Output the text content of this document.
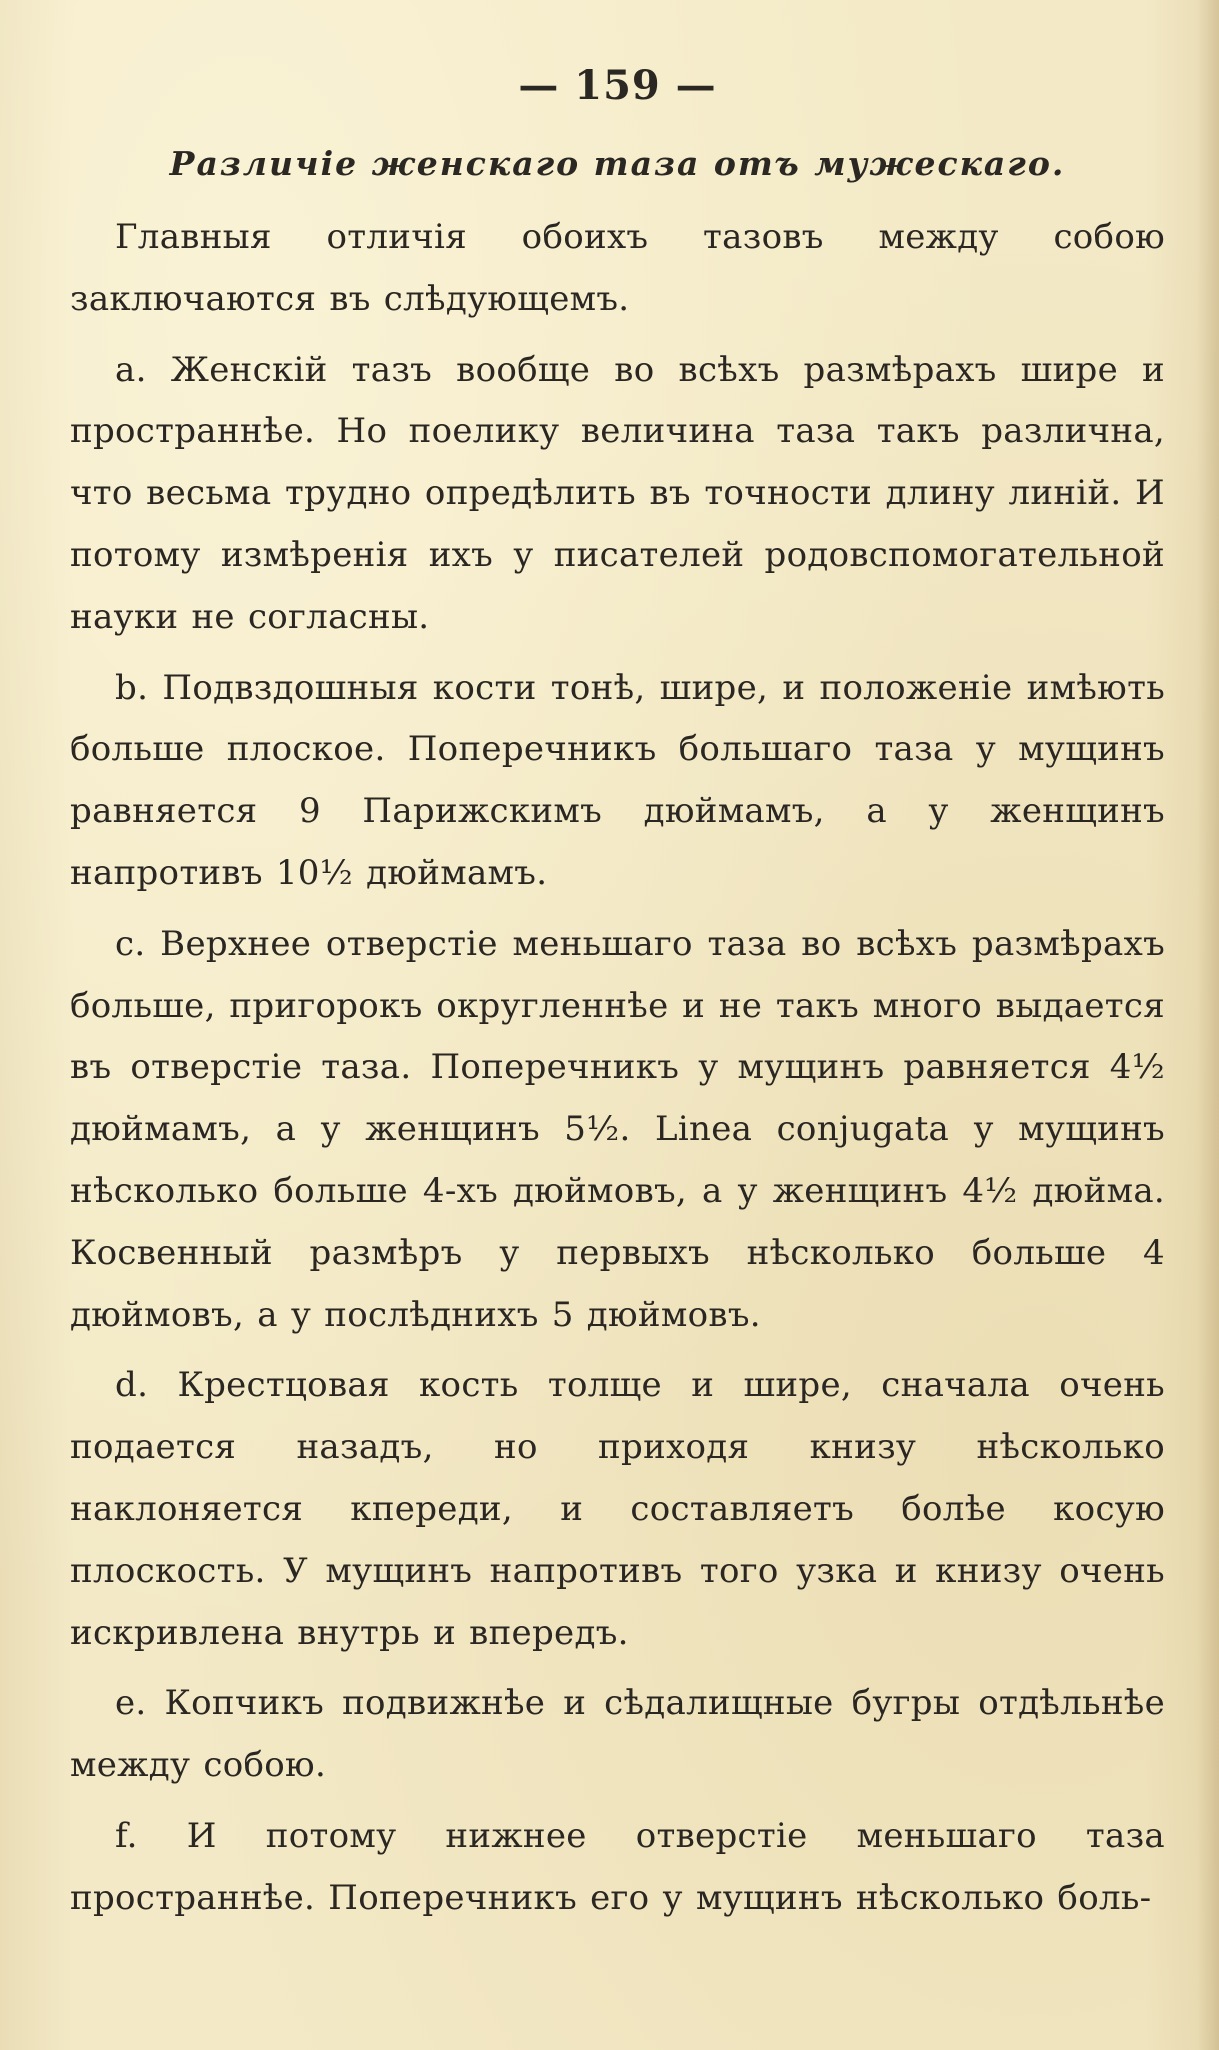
— 159 —
Различіе женскаго таза отъ мужескаго.

Главныя отличія обоихъ тазовъ между собою заключаются въ слѣдующемъ.

a. Женскій тазъ вообще во всѣхъ размѣрахъ шире и пространнѣе. Но поелику величина таза такъ различна, что весьма трудно опредѣлить въ точности длину линій. И потому измѣренія ихъ у писателей родовспомогательной науки не согласны.

b. Подвздошныя кости тонѣ, шире, и положеніе имѣють больше плоское. Поперечникъ большаго таза у мущинъ равняется 9 Парижскимъ дюймамъ, а у женщинъ напротивъ 10½ дюймамъ.

c. Верхнее отверстіе меньшаго таза во всѣхъ размѣрахъ больше, пригорокъ округленнѣе и не такъ много выдается въ отверстіе таза. Поперечникъ у мущинъ равняется 4½ дюймамъ, а у женщинъ 5½. Linea conjugata у мущинъ нѣсколько больше 4-хъ дюймовъ, а у женщинъ 4½ дюйма. Косвенный размѣръ у первыхъ нѣсколько больше 4 дюймовъ, а у послѣднихъ 5 дюймовъ.

d. Крестцовая кость толще и шире, сначала очень подается назадъ, но приходя книзу нѣсколько наклоняется кпереди, и составляетъ болѣе косую плоскость. У мущинъ напротивъ того узка и книзу очень искривлена внутрь и впередъ.

e. Копчикъ подвижнѣе и сѣдалищные бугры отдѣльнѣе между собою.

f. И потому нижнее отверстіе меньшаго таза пространнѣе. Поперечникъ его у мущинъ нѣсколько боль-
